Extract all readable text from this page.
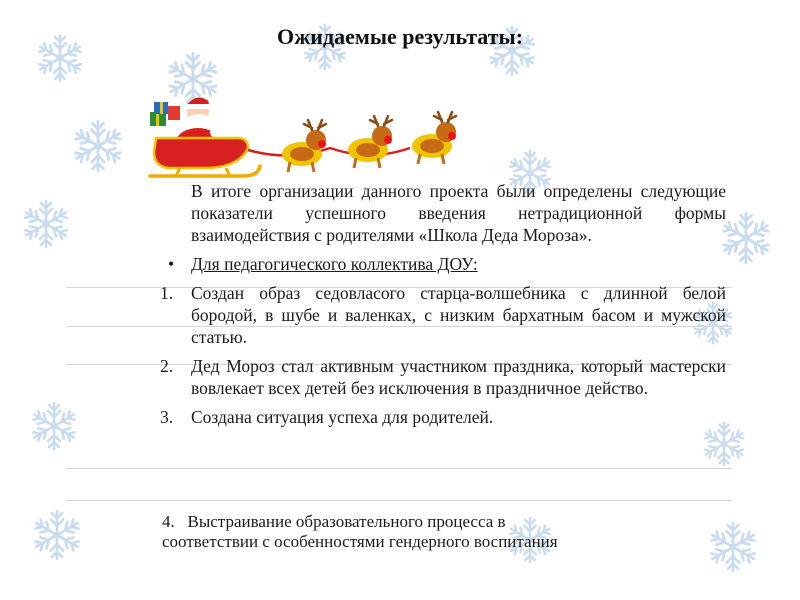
Ожидаемые результаты:

В итоге организации данного проекта были определены следующие показатели успешного введения нетрадиционной формы взаимодействия с родителями «Школа Деда Мороза».

• Для педагогического коллектива ДОУ:

1.	Создан образ седовласого старца-волшебника с длинной белой бородой, в шубе и валенках, с низким бархатным басом и мужской статью.

2.	Дед Мороз стал активным участником праздника, который мастерски вовлекает всех детей без исключения в праздничное действо.

3.	Создана ситуация успеха для родителей.

4.   Выстраивание образовательного процесса в
соответствии с особенностями гендерного воспитания
